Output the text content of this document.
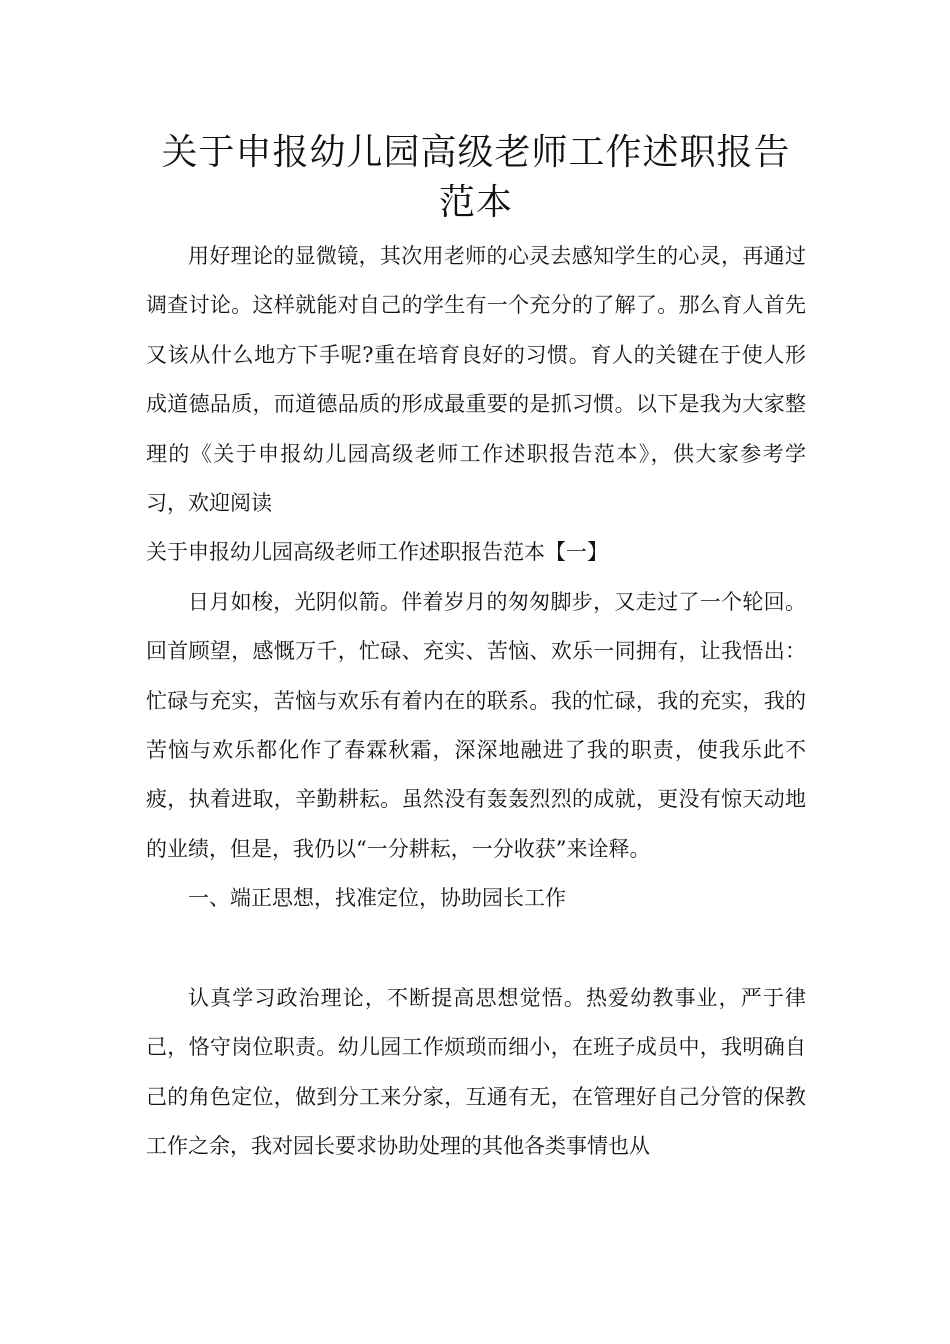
关于申报幼儿园高级老师工作述职报告范本

用好理论的显微镜，其次用老师的心灵去感知学生的心灵，再通过调查讨论。这样就能对自己的学生有一个充分的了解了。那么育人首先又该从什么地方下手呢?重在培育良好的习惯。育人的关键在于使人形成道德品质，而道德品质的形成最重要的是抓习惯。以下是我为大家整理的《关于申报幼儿园高级老师工作述职报告范本》，供大家参考学习，欢迎阅读

关于申报幼儿园高级老师工作述职报告范本【一】

日月如梭，光阴似箭。伴着岁月的匆匆脚步，又走过了一个轮回。回首顾望，感慨万千，忙碌、充实、苦恼、欢乐一同拥有，让我悟出：忙碌与充实，苦恼与欢乐有着内在的联系。我的忙碌，我的充实，我的苦恼与欢乐都化作了春霖秋霜，深深地融进了我的职责，使我乐此不疲，执着进取，辛勤耕耘。虽然没有轰轰烈烈的成就，更没有惊天动地的业绩，但是，我仍以“一分耕耘，一分收获”来诠释。

一、端正思想，找准定位，协助园长工作

认真学习政治理论，不断提高思想觉悟。热爱幼教事业，严于律己，恪守岗位职责。幼儿园工作烦琐而细小，在班子成员中，我明确自己的角色定位，做到分工来分家，互通有无，在管理好自己分管的保教工作之余，我对园长要求协助处理的其他各类事情也从
